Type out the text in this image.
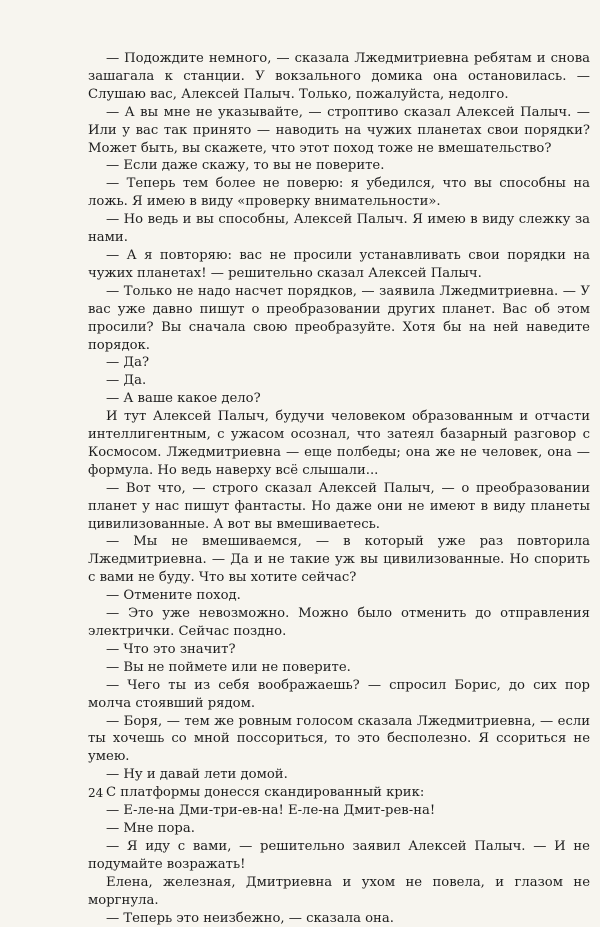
— Подождите немного, — сказала Лжедмитриевна ребятам и снова зашагала к станции. У вокзального домика она остановилась. — Слушаю вас, Алексей Палыч. Только, пожалуйста, недолго.

— А вы мне не указывайте, — строптиво сказал Алексей Палыч. — Или у вас так принято — наводить на чужих планетах свои порядки? Может быть, вы скажете, что этот поход тоже не вмешательство?

— Если даже скажу, то вы не поверите.

— Теперь тем более не поверю: я убедился, что вы способны на ложь. Я имею в виду «проверку внимательности».

— Но ведь и вы способны, Алексей Палыч. Я имею в виду слежку за нами.

— А я повторяю: вас не просили устанавливать свои порядки на чужих планетах! — решительно сказал Алексей Палыч.

— Только не надо насчет порядков, — заявила Лжедмитриевна. — У вас уже давно пишут о преобразовании других планет. Вас об этом просили? Вы сначала свою преобразуйте. Хотя бы на ней наведите порядок.

— Да?

— Да.

— А ваше какое дело?

И тут Алексей Палыч, будучи человеком образованным и отчасти интеллигентным, с ужасом осознал, что затеял базарный разговор с Космосом. Лжедмитриевна — еще полбеды; она же не человек, она — формула. Но ведь наверху всё слышали...

— Вот что, — строго сказал Алексей Палыч, — о преобразовании планет у нас пишут фантасты. Но даже они не имеют в виду планеты цивилизованные. А вот вы вмешиваетесь.

— Мы не вмешиваемся, — в который уже раз повторила Лжедмитриевна. — Да и не такие уж вы цивилизованные. Но спорить с вами не буду. Что вы хотите сейчас?

— Отмените поход.

— Это уже невозможно. Можно было отменить до отправления электрички. Сейчас поздно.

— Что это значит?

— Вы не поймете или не поверите.

— Чего ты из себя воображаешь? — спросил Борис, до сих пор молча стоявший рядом.

— Боря, — тем же ровным голосом сказала Лжедмитриевна, — если ты хочешь со мной поссориться, то это бесполезно. Я ссориться не умею.

— Ну и давай лети домой.

С платформы донесся скандированный крик:

— Е-ле-на Дми-три-ев-на! Е-ле-на Дмит-рев-на!

— Мне пора.

— Я иду с вами, — решительно заявил Алексей Палыч. — И не подумайте возражать!

Елена, железная, Дмитриевна и ухом не повела, и глазом не моргнула.

— Теперь это неизбежно, — сказала она.

24
